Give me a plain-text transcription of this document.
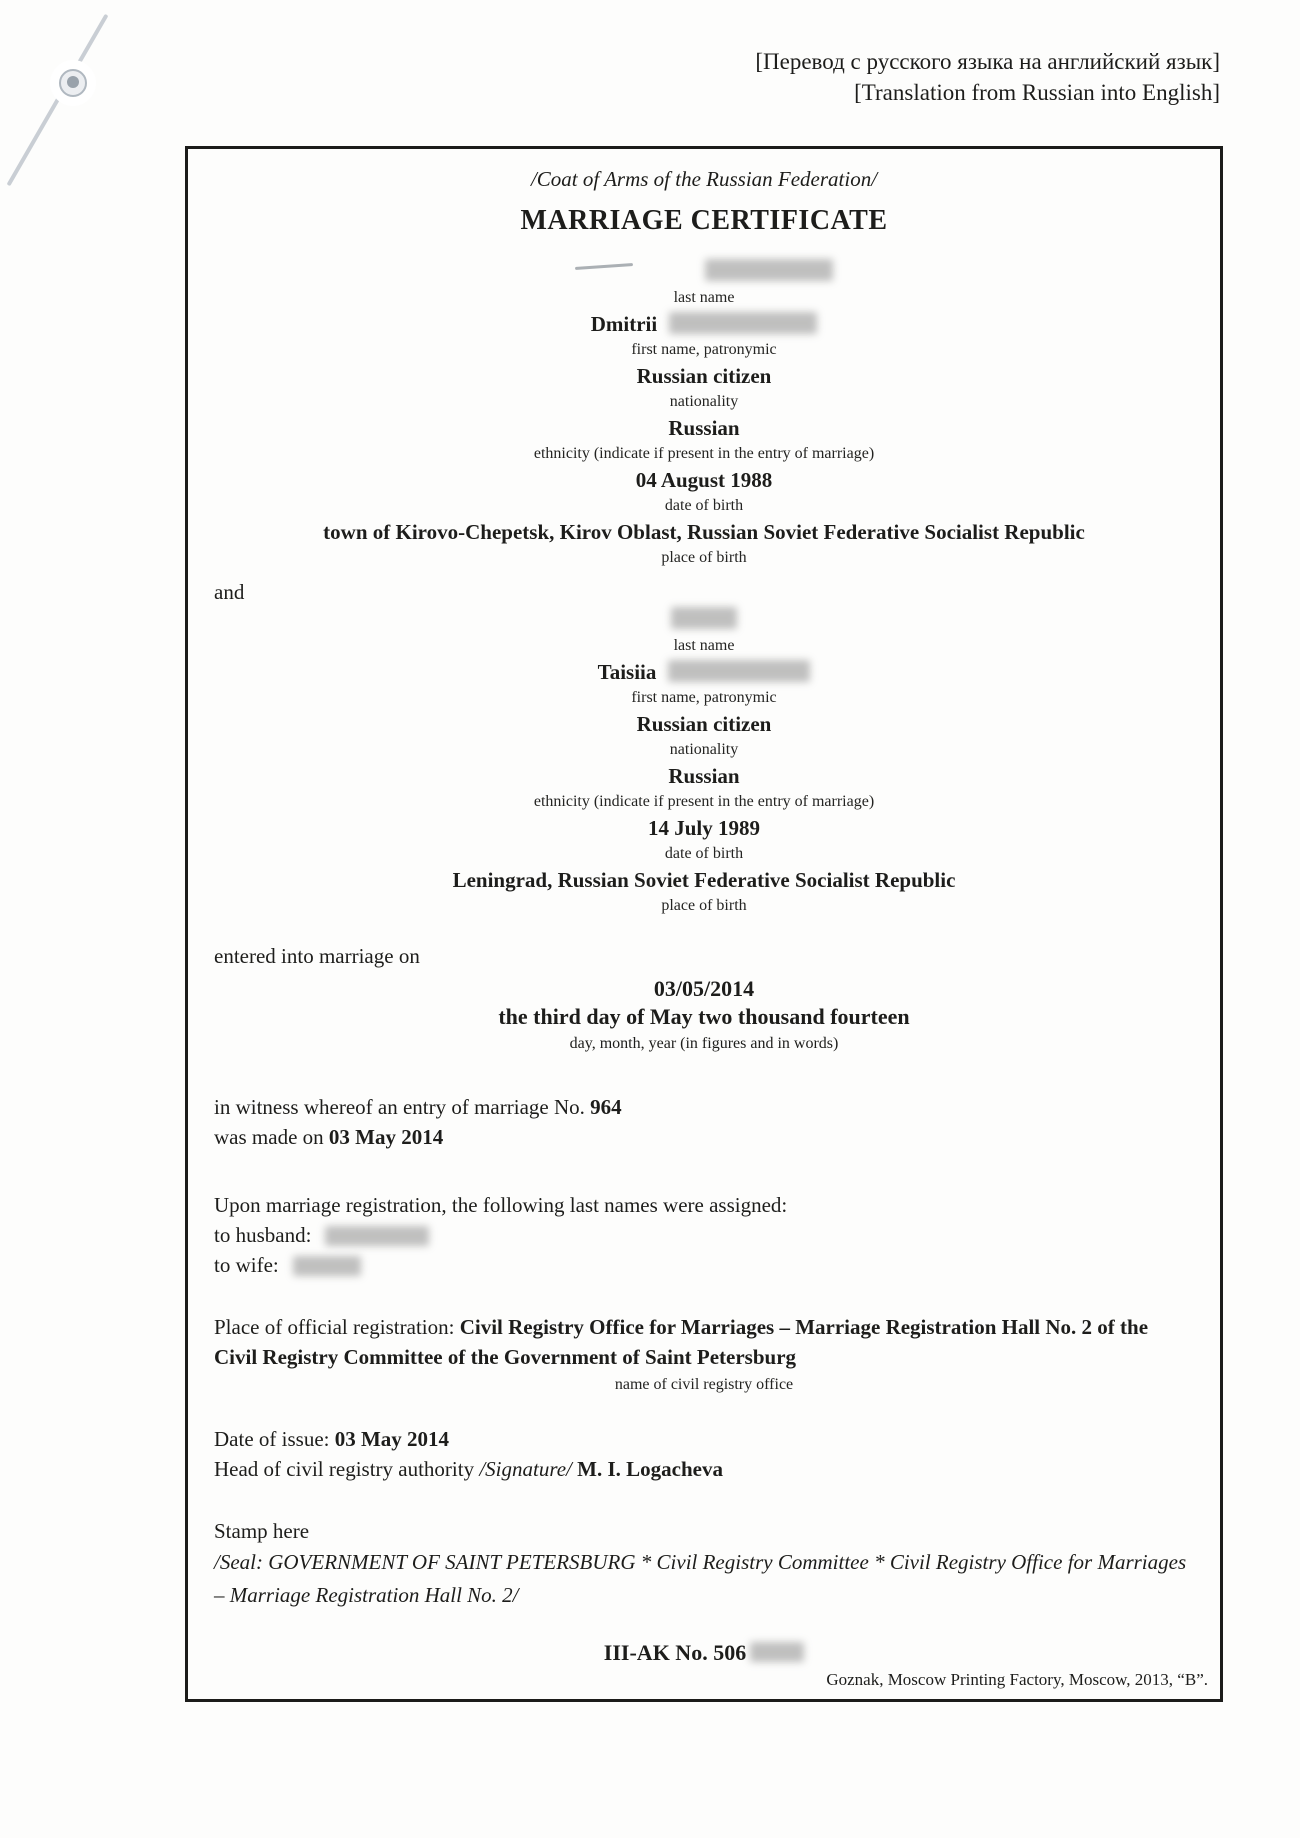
[Перевод с русского языка на английский язык]
[Translation from Russian into English]
/Coat of Arms of the Russian Federation/
MARRIAGE CERTIFICATE
last name
Dmitrii
first name, patronymic
Russian citizen
nationality
Russian
ethnicity (indicate if present in the entry of marriage)
04 August 1988
date of birth
town of Kirovo-Chepetsk, Kirov Oblast, Russian Soviet Federative Socialist Republic
place of birth
and
last name
Taisiia
first name, patronymic
Russian citizen
nationality
Russian
ethnicity (indicate if present in the entry of marriage)
14 July 1989
date of birth
Leningrad, Russian Soviet Federative Socialist Republic
place of birth
entered into marriage on
03/05/2014
the third day of May two thousand fourteen
day, month, year (in figures and in words)
in witness whereof an entry of marriage No. 964
was made on 03 May 2014
Upon marriage registration, the following last names were assigned:
to husband:
to wife:
Place of official registration: Civil Registry Office for Marriages – Marriage Registration Hall No. 2 of the Civil Registry Committee of the Government of Saint Petersburg
name of civil registry office
Date of issue: 03 May 2014
Head of civil registry authority /Signature/ M. I. Logacheva
Stamp here
/Seal: GOVERNMENT OF SAINT PETERSBURG * Civil Registry Committee * Civil Registry Office for Marriages – Marriage Registration Hall No. 2/
III-AK No. 506
Goznak, Moscow Printing Factory, Moscow, 2013, “B”.
